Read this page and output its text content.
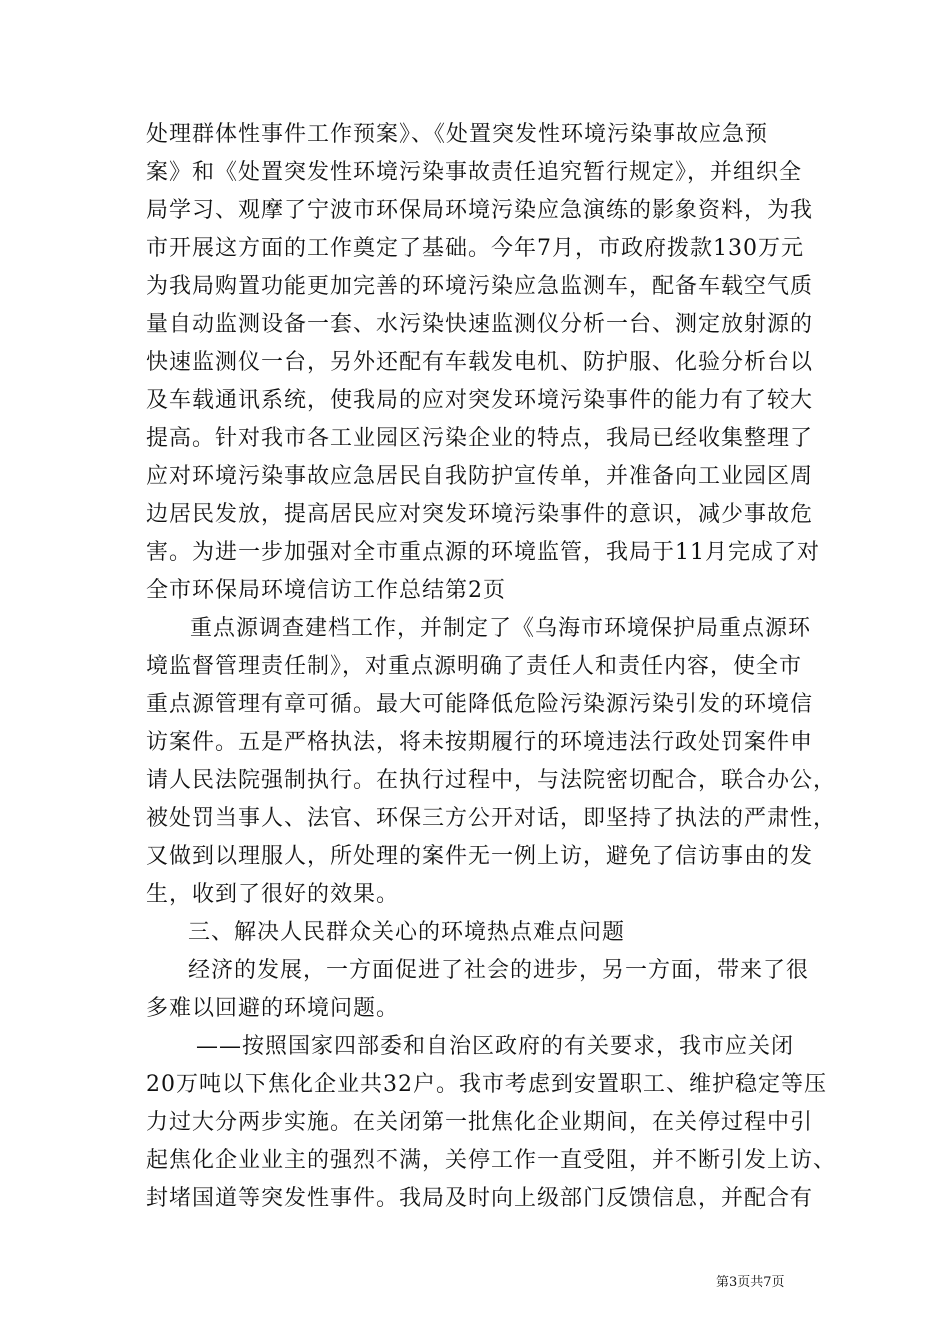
处理群体性事件工作预案》、《处置突发性环境污染事故应急预
案》和《处置突发性环境污染事故责任追究暂行规定》，并组织全
局学习、观摩了宁波市环保局环境污染应急演练的影象资料，为我
市开展这方面的工作奠定了基础。今年7月，市政府拨款130万元
为我局购置功能更加完善的环境污染应急监测车，配备车载空气质
量自动监测设备一套、水污染快速监测仪分析一台、测定放射源的
快速监测仪一台，另外还配有车载发电机、防护服、化验分析台以
及车载通讯系统，使我局的应对突发环境污染事件的能力有了较大
提高。针对我市各工业园区污染企业的特点，我局已经收集整理了
应对环境污染事故应急居民自我防护宣传单，并准备向工业园区周
边居民发放，提高居民应对突发环境污染事件的意识，减少事故危
害。为进一步加强对全市重点源的环境监管，我局于11月完成了对
全市环保局环境信访工作总结第2页
重点源调查建档工作，并制定了《乌海市环境保护局重点源环
境监督管理责任制》，对重点源明确了责任人和责任内容，使全市
重点源管理有章可循。最大可能降低危险污染源污染引发的环境信
访案件。五是严格执法，将未按期履行的环境违法行政处罚案件申
请人民法院强制执行。在执行过程中，与法院密切配合，联合办公，
被处罚当事人、法官、环保三方公开对话，即坚持了执法的严肃性，
又做到以理服人，所处理的案件无一例上访，避免了信访事由的发
生，收到了很好的效果。
三、解决人民群众关心的环境热点难点问题
经济的发展，一方面促进了社会的进步，另一方面，带来了很
多难以回避的环境问题。
——按照国家四部委和自治区政府的有关要求，我市应关闭
20万吨以下焦化企业共32户。我市考虑到安置职工、维护稳定等压
力过大分两步实施。在关闭第一批焦化企业期间，在关停过程中引
起焦化企业业主的强烈不满，关停工作一直受阻，并不断引发上访、
封堵国道等突发性事件。我局及时向上级部门反馈信息，并配合有
第3页共7页
